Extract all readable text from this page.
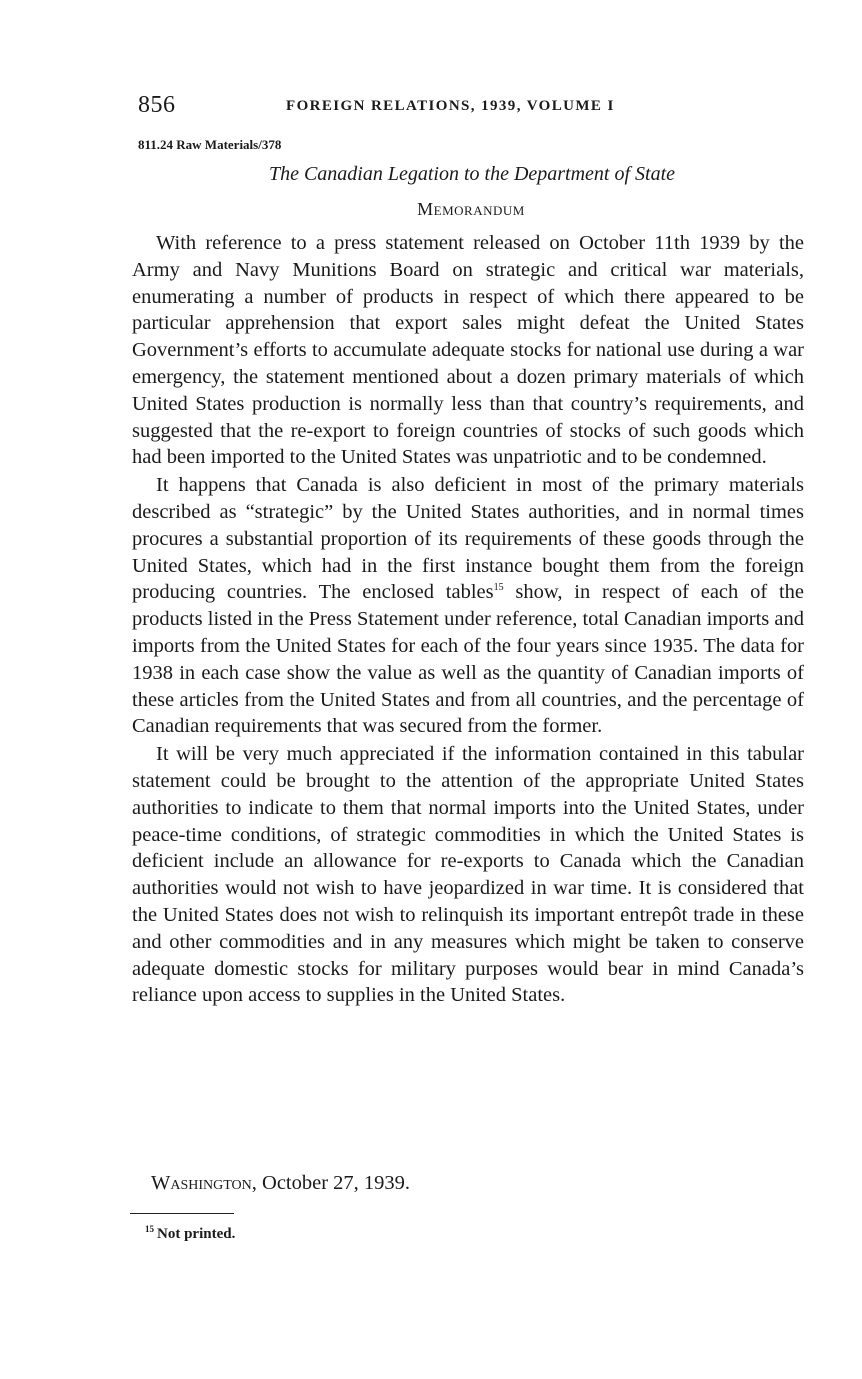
856	FOREIGN RELATIONS, 1939, VOLUME I
811.24 Raw Materials/378
The Canadian Legation to the Department of State
Memorandum

With reference to a press statement released on October 11th 1939 by the Army and Navy Munitions Board on strategic and critical war materials, enumerating a number of products in respect of which there appeared to be particular apprehension that export sales might defeat the United States Government’s efforts to accumulate adequate stocks for national use during a war emergency, the statement mentioned about a dozen primary materials of which United States production is normally less than that country’s requirements, and suggested that the re-export to foreign countries of stocks of such goods which had been imported to the United States was unpatriotic and to be condemned.

It happens that Canada is also deficient in most of the primary materials described as “strategic” by the United States authorities, and in normal times procures a substantial proportion of its requirements of these goods through the United States, which had in the first instance bought them from the foreign producing countries. The enclosed tables$^{15}$ show, in respect of each of the products listed in the Press Statement under reference, total Canadian imports and imports from the United States for each of the four years since 1935. The data for 1938 in each case show the value as well as the quantity of Canadian imports of these articles from the United States and from all countries, and the percentage of Canadian requirements that was secured from the former.

It will be very much appreciated if the information contained in this tabular statement could be brought to the attention of the appropriate United States authorities to indicate to them that normal imports into the United States, under peace-time conditions, of strategic commodities in which the United States is deficient include an allowance for re-exports to Canada which the Canadian authorities would not wish to have jeopardized in war time. It is considered that the United States does not wish to relinquish its important entrepôt trade in these and other commodities and in any measures which might be taken to conserve adequate domestic stocks for military purposes would bear in mind Canada’s reliance upon access to supplies in the United States.

Washington, October 27, 1939.
$^{15}$ Not printed.
